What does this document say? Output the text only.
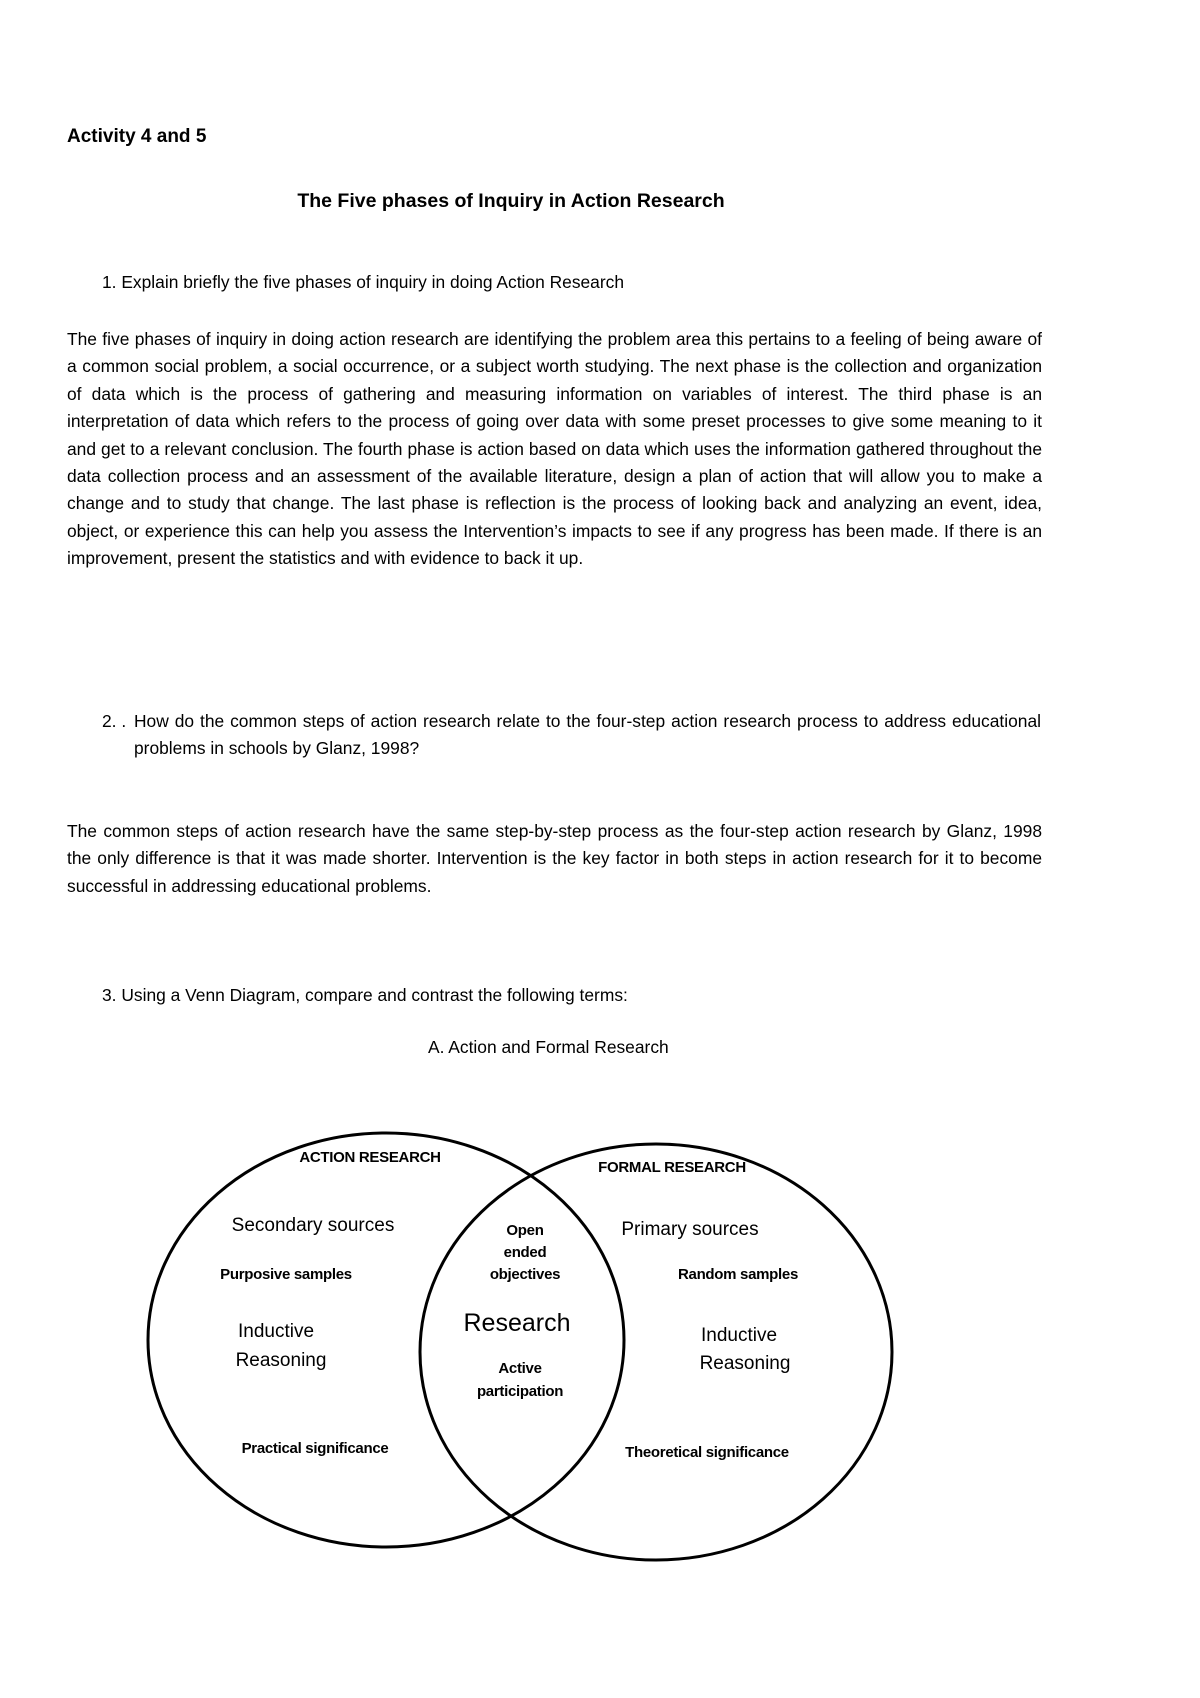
Activity 4 and 5
The Five phases of Inquiry in Action Research
1. Explain briefly the five phases of inquiry in doing Action Research
The five phases of inquiry in doing action research are identifying the problem area this pertains to a feeling of being aware of a common social problem, a social occurrence, or a subject worth studying. The next phase is the collection and organization of data which is the process of gathering and measuring information on variables of interest. The third phase is an interpretation of data which refers to the process of going over data with some preset processes to give some meaning to it and get to a relevant conclusion. The fourth phase is action based on data which uses the information gathered throughout the data collection process and an assessment of the available literature, design a plan of action that will allow you to make a change and to study that change. The last phase is reflection is the process of looking back and analyzing an event, idea, object, or experience this can help you assess the Intervention’s impacts to see if any progress has been made. If there is an improvement, present the statistics and with evidence to back it up.
2. . How do the common steps of action research relate to the four-step action research process to address educational problems in schools by Glanz, 1998?
The common steps of action research have the same step-by-step process as the four-step action research by Glanz, 1998 the only difference is that it was made shorter. Intervention is the key factor in both steps in action research for it to become successful in addressing educational problems.
3. Using a Venn Diagram, compare and contrast the following terms:
A. Action and Formal Research
ACTION RESEARCH
FORMAL RESEARCH
Secondary sources
Purposive samples
Inductive
Reasoning
Practical significance
Primary sources
Random samples
Inductive
Reasoning
Theoretical significance
Open
ended
objectives
Research
Active
participation
